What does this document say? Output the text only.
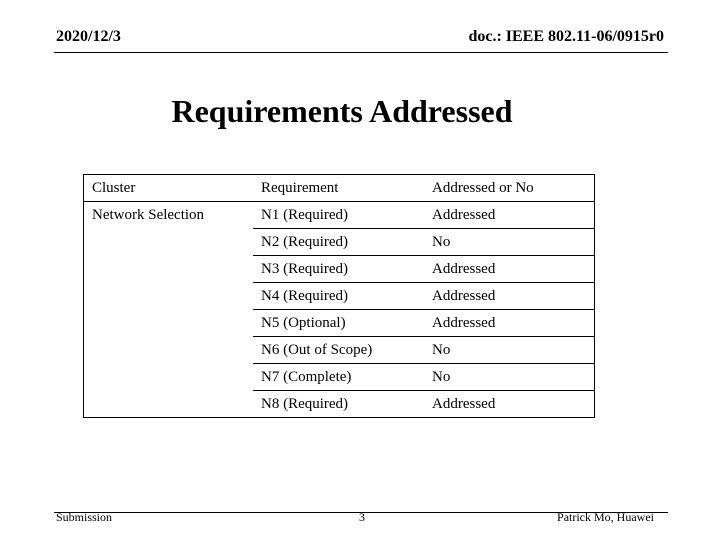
2020/12/3	doc.: IEEE 802.11-06/0915r0
Requirements Addressed
Cluster	Requirement	Addressed or No
Network Selection	N1 (Required)	Addressed
	N2 (Required)	No
	N3 (Required)	Addressed
	N4 (Required)	Addressed
	N5 (Optional)	Addressed
	N6 (Out of Scope)	No
	N7 (Complete)	No
	N8 (Required)	Addressed
Submission	3	Patrick Mo, Huawei
